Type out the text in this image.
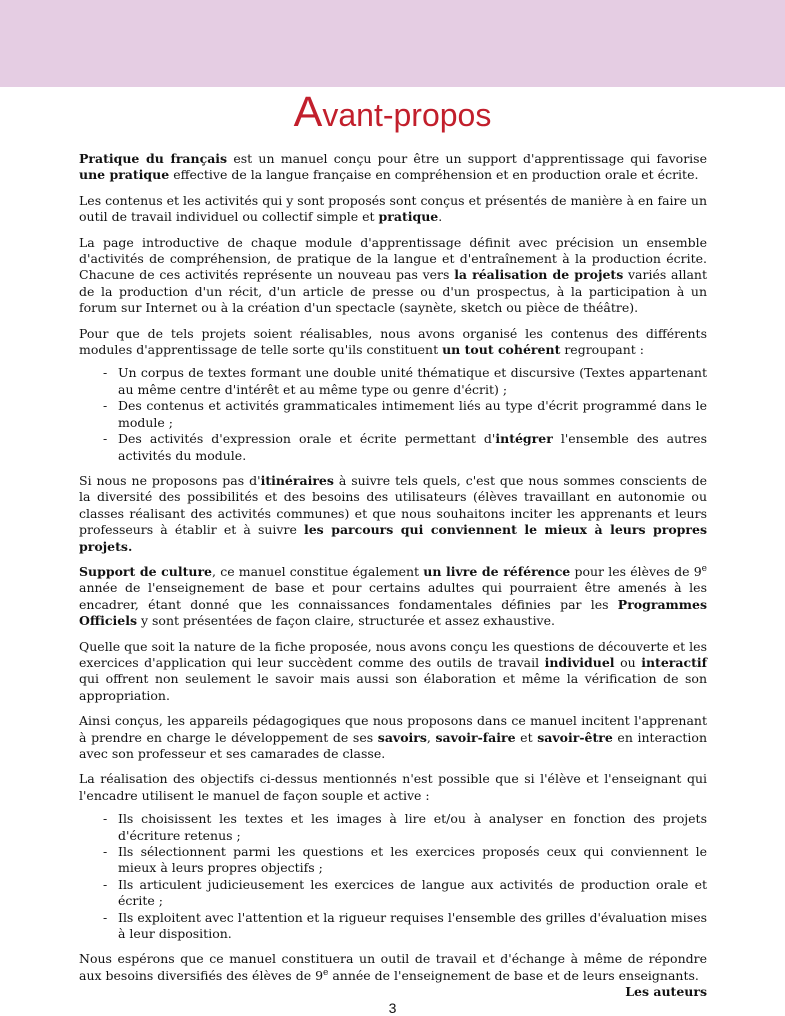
Avant-propos

Pratique du français est un manuel conçu pour être un support d'apprentissage qui favorise une pratique effective de la langue française en compréhension et en production orale et écrite.

Les contenus et les activités qui y sont proposés sont conçus et présentés de manière à en faire un outil de travail individuel ou collectif simple et pratique.

La page introductive de chaque module d'apprentissage définit avec précision un ensemble d'activités de compréhension, de pratique de la langue et d'entraînement à la production écrite. Chacune de ces activités représente un nouveau pas vers la réalisation de projets variés allant de la production d'un récit, d'un article de presse ou d'un prospectus, à la participation à un forum sur Internet ou à la création d'un spectacle (saynète, sketch ou pièce de théâtre).

Pour que de tels projets soient réalisables, nous avons organisé les contenus des différents modules d'apprentissage de telle sorte qu'ils constituent un tout cohérent regroupant :

- Un corpus de textes formant une double unité thématique et discursive (Textes appartenant au même centre d'intérêt et au même type ou genre d'écrit) ;
- Des contenus et activités grammaticales intimement liés au type d'écrit programmé dans le module ;
- Des activités d'expression orale et écrite permettant d'intégrer l'ensemble des autres activités du module.

Si nous ne proposons pas d'itinéraires à suivre tels quels, c'est que nous sommes conscients de la diversité des possibilités et des besoins des utilisateurs (élèves travaillant en autonomie ou classes réalisant des activités communes) et que nous souhaitons inciter les apprenants et leurs professeurs à établir et à suivre les parcours qui conviennent le mieux à leurs propres projets.

Support de culture, ce manuel constitue également un livre de référence pour les élèves de 9e année de l'enseignement de base et pour certains adultes qui pourraient être amenés à les encadrer, étant donné que les connaissances fondamentales définies par les Programmes Officiels y sont présentées de façon claire, structurée et assez exhaustive.

Quelle que soit la nature de la fiche proposée, nous avons conçu les questions de découverte et les exercices d'application qui leur succèdent comme des outils de travail individuel ou interactif qui offrent non seulement le savoir mais aussi son élaboration et même la vérification de son appropriation.

Ainsi conçus, les appareils pédagogiques que nous proposons dans ce manuel incitent l'apprenant à prendre en charge le développement de ses savoirs, savoir-faire et savoir-être en interaction avec son professeur et ses camarades de classe.

La réalisation des objectifs ci-dessus mentionnés n'est possible que si l'élève et l'enseignant qui l'encadre utilisent le manuel de façon souple et active :

- Ils choisissent les textes et les images à lire et/ou à analyser en fonction des projets d'écriture retenus ;
- Ils sélectionnent parmi les questions et les exercices proposés ceux qui conviennent le mieux à leurs propres objectifs ;
- Ils articulent judicieusement les exercices de langue aux activités de production orale et écrite ;
- Ils exploitent avec l'attention et la rigueur requises l'ensemble des grilles d'évaluation mises à leur disposition.

Nous espérons que ce manuel constituera un outil de travail et d'échange à même de répondre aux besoins diversifiés des élèves de 9e année de l'enseignement de base et de leurs enseignants.

Les auteurs
3
